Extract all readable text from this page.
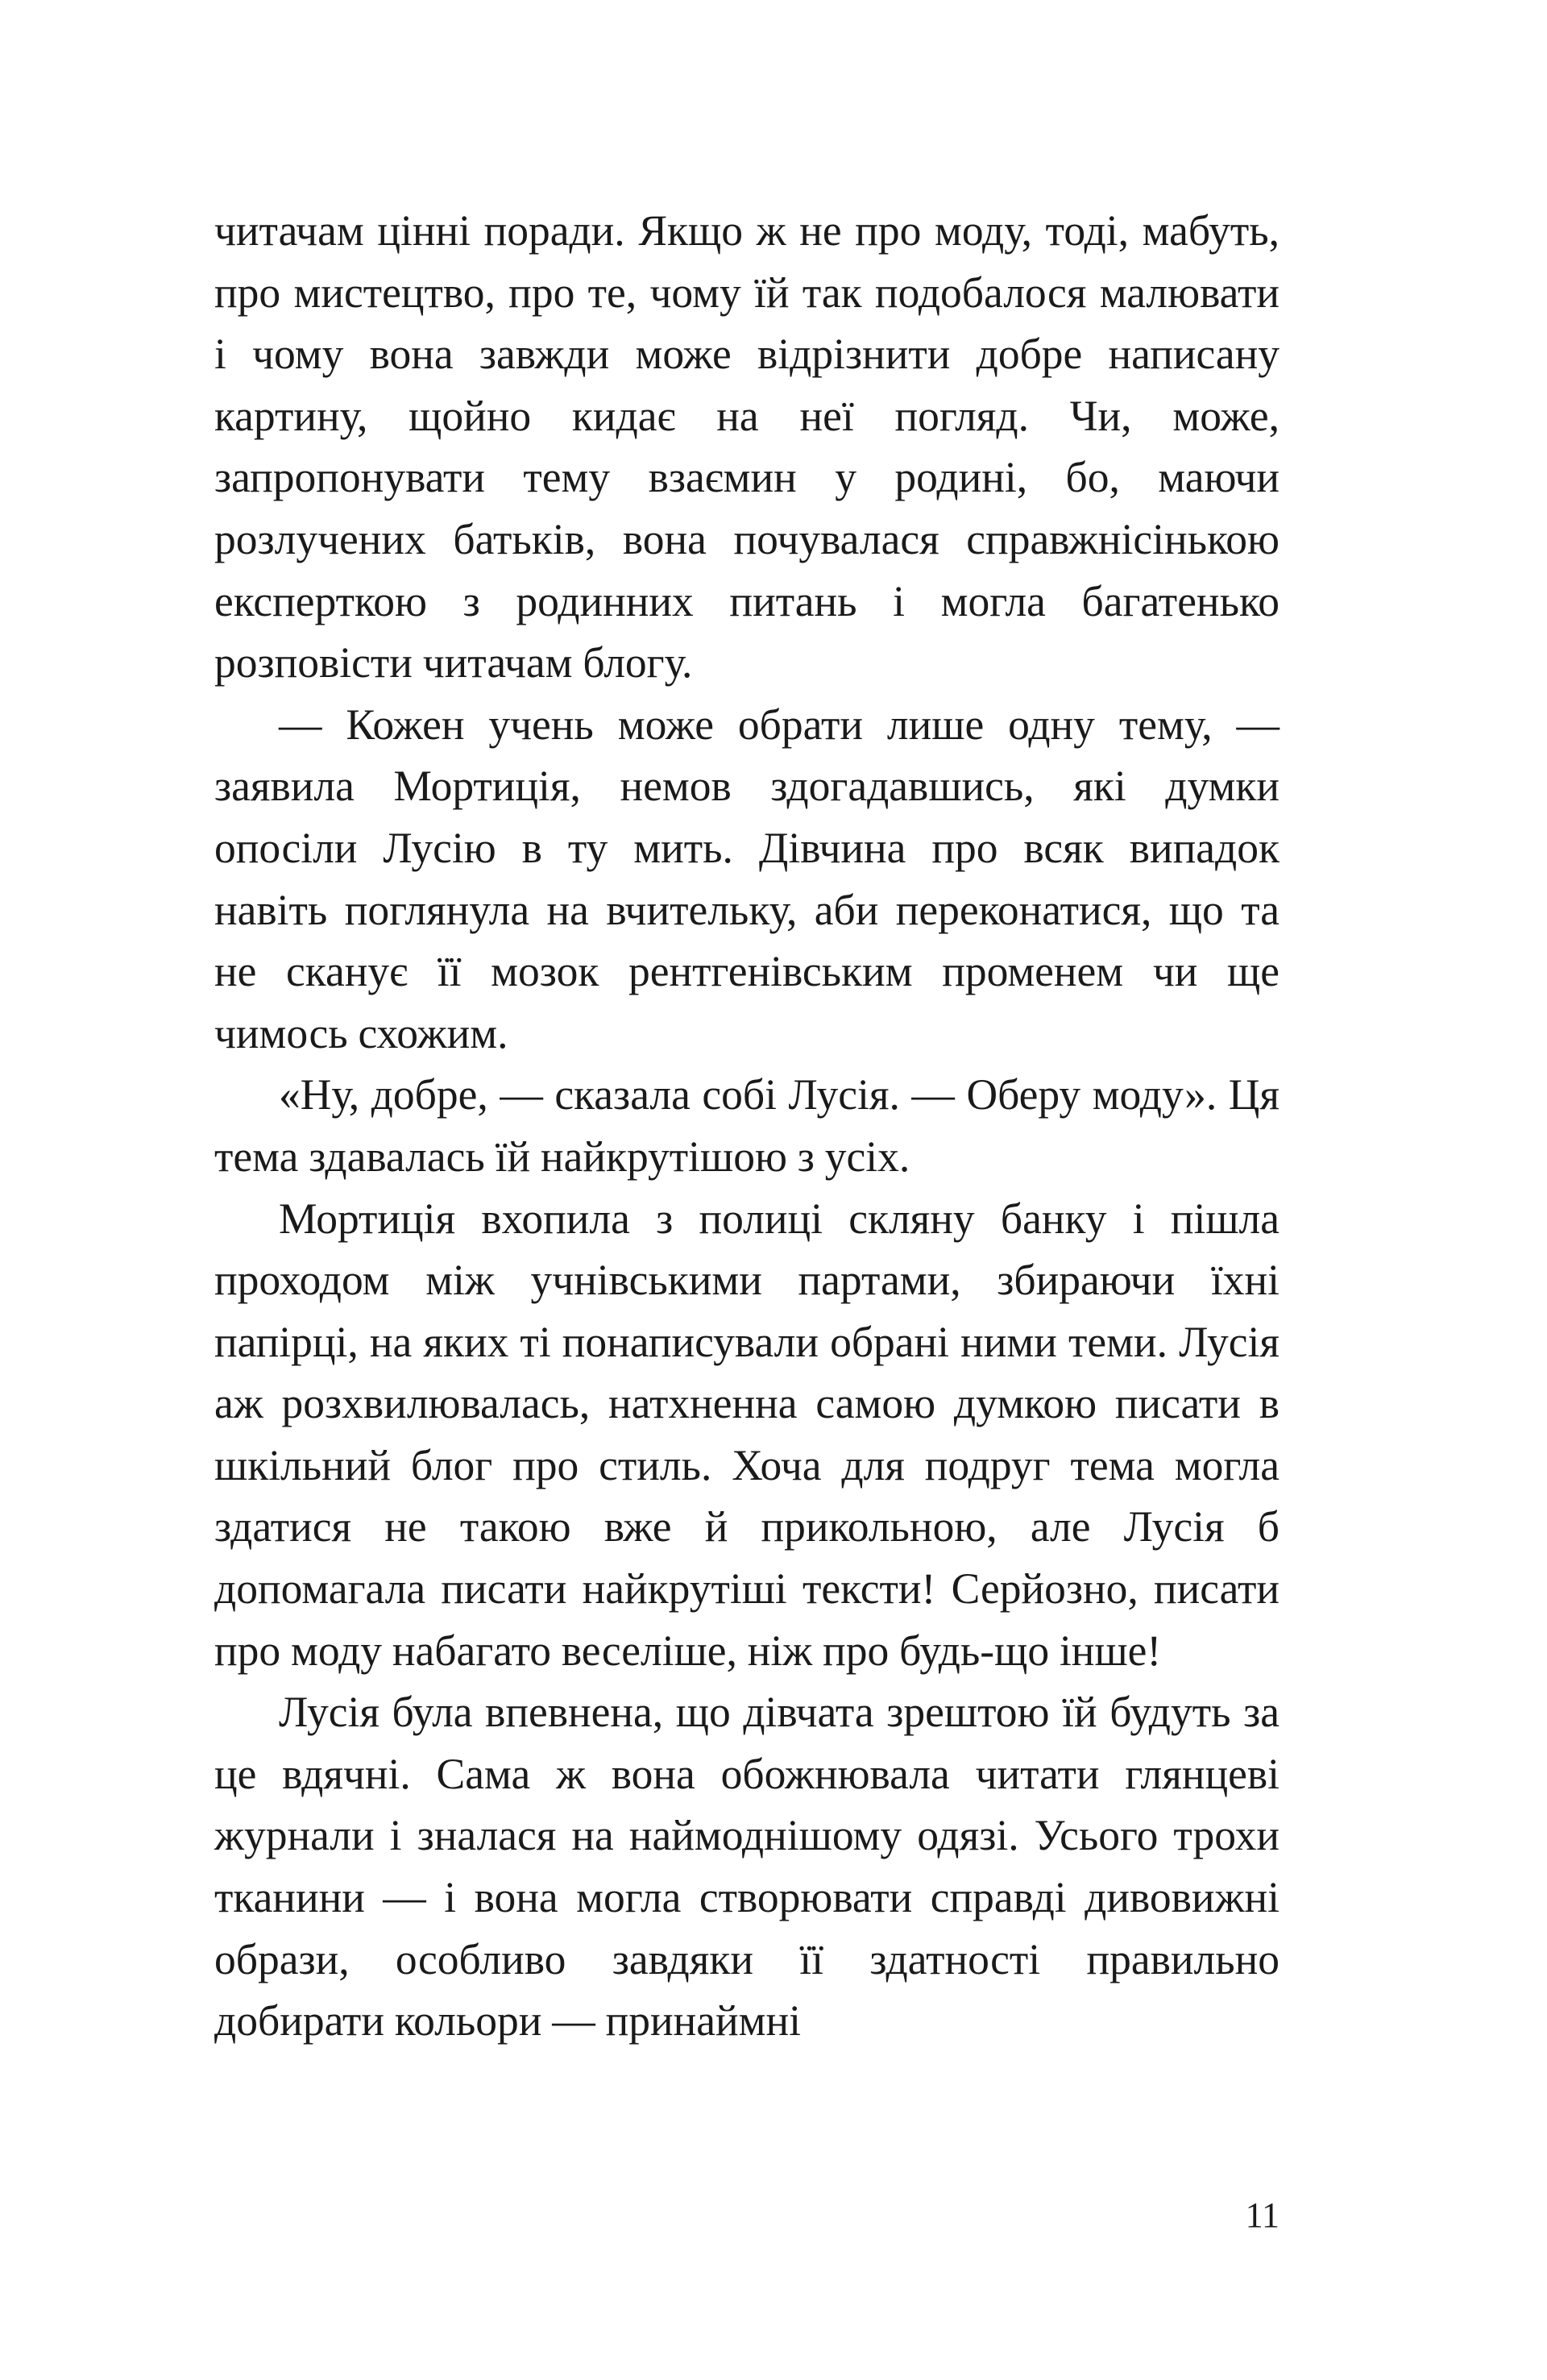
читачам цінні поради. Якщо ж не про моду, тоді, мабуть, про мистецтво, про те, чому їй так подобалося малювати і чому вона завжди може відрізнити добре написану картину, щойно кидає на неї погляд. Чи, може, запропонувати тему взаємин у родині, бо, маючи розлучених батьків, вона почувалася справжнісінькою експерткою з родинних питань і могла багатенько розповісти читачам блогу.

— Кожен учень може обрати лише одну тему, — заявила Мортиція, немов здогадавшись, які думки опосіли Лусію в ту мить. Дівчина про всяк випадок навіть поглянула на вчительку, аби переконатися, що та не сканує її мозок рентгенівським променем чи ще чимось схожим.

«Ну, добре, — сказала собі Лусія. — Оберу моду». Ця тема здавалась їй найкрутішою з усіх.

Мортиція вхопила з полиці скляну банку і пішла проходом між учнівськими партами, збираючи їхні папірці, на яких ті понаписували обрані ними теми. Лусія аж розхвилювалась, натхненна самою думкою писати в шкільний блог про стиль. Хоча для подруг тема могла здатися не такою вже й прикольною, але Лусія б допомагала писати найкрутіші тексти! Серйозно, писати про моду набагато веселіше, ніж про будь-що інше!

Лусія була впевнена, що дівчата зрештою їй будуть за це вдячні. Сама ж вона обожнювала читати глянцеві журнали і зналася на наймоднішому одязі. Усього трохи тканини — і вона могла створювати справді дивовижні образи, особливо завдяки її здатності правильно добирати кольори — принаймні

11
